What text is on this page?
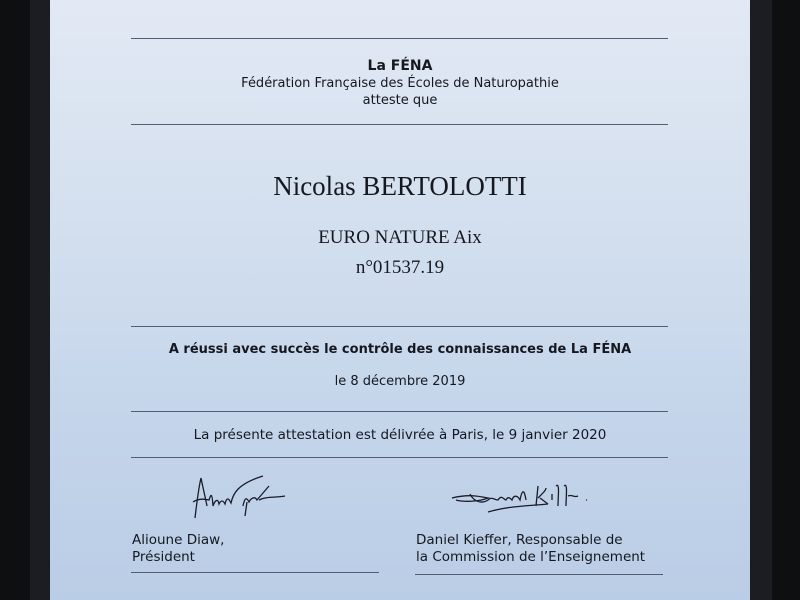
La FÉNA
Fédération Française des Écoles de Naturopathie
atteste que
Nicolas BERTOLOTTI
EURO NATURE Aix
n°01537.19
A réussi avec succès le contrôle des connaissances de La FÉNA
le 8 décembre 2019
La présente attestation est délivrée à Paris, le 9 janvier 2020
Alioune Diaw,
Président
Daniel Kieffer, Responsable de
la Commission de l’Enseignement
